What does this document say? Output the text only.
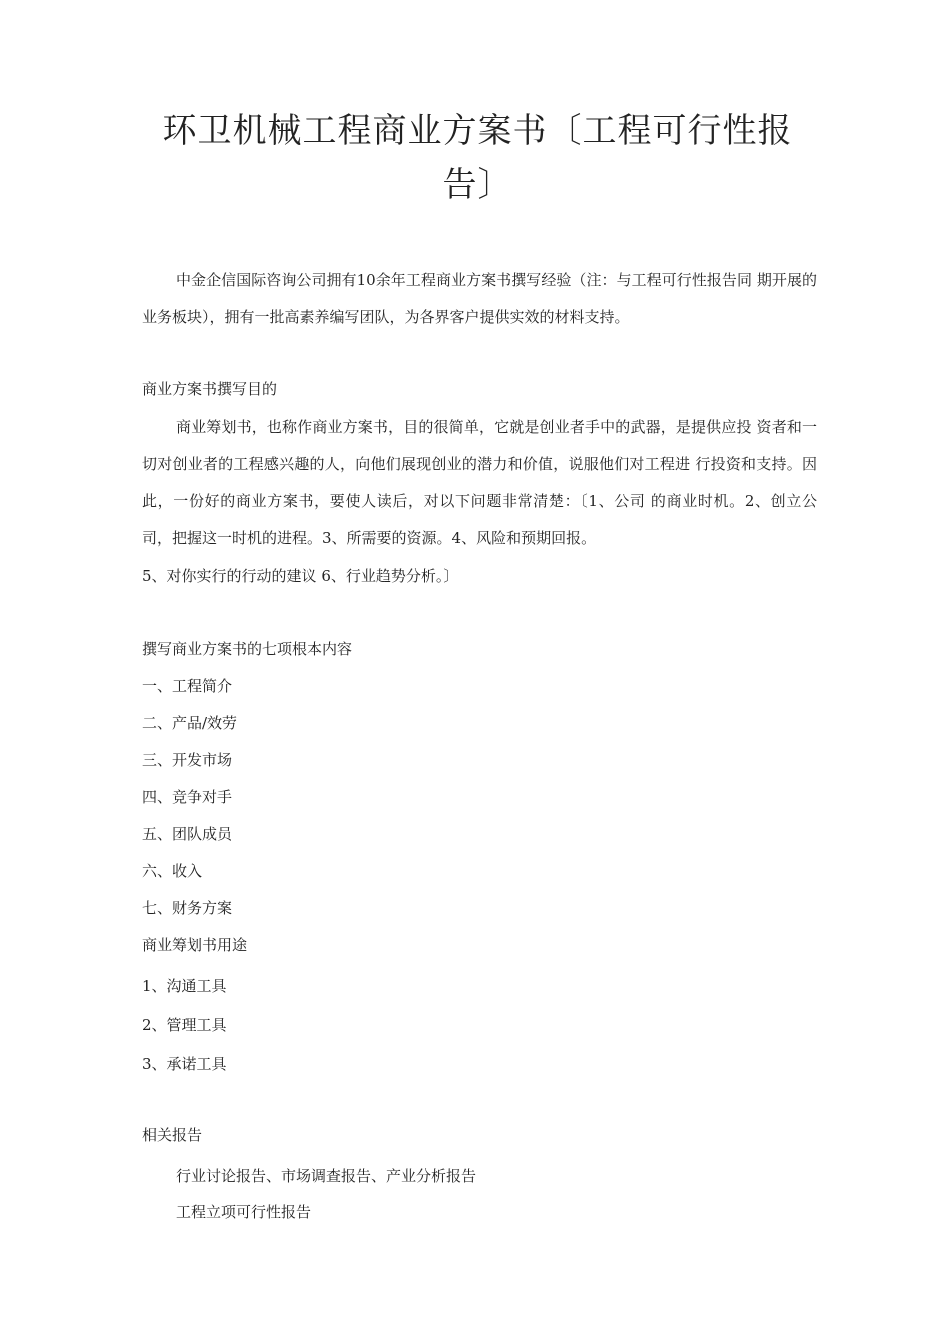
环卫机械工程商业方案书〔工程可行性报告〕
中金企信国际咨询公司拥有10余年工程商业方案书撰写经验（注：与工程可行性报告同 期开展的业务板块），拥有一批高素养编写团队，为各界客户提供实效的材料支持。
商业方案书撰写目的
商业筹划书，也称作商业方案书，目的很简单，它就是创业者手中的武器，是提供应投 资者和一切对创业者的工程感兴趣的人，向他们展现创业的潜力和价值，说服他们对工程进 行投资和支持。因此，一份好的商业方案书，要使人读后，对以下问题非常清楚：〔1、公司 的商业时机。2、创立公司，把握这一时机的进程。3、所需要的资源。4、风险和预期回报。
5、对你实行的行动的建议 6、行业趋势分析。〕
撰写商业方案书的七项根本内容
一、工程简介
二、产品/效劳
三、开发市场
四、竞争对手
五、团队成员
六、收入
七、财务方案
商业筹划书用途
1、沟通工具
2、管理工具
3、承诺工具
相关报告
行业讨论报告、市场调查报告、产业分析报告
工程立项可行性报告
